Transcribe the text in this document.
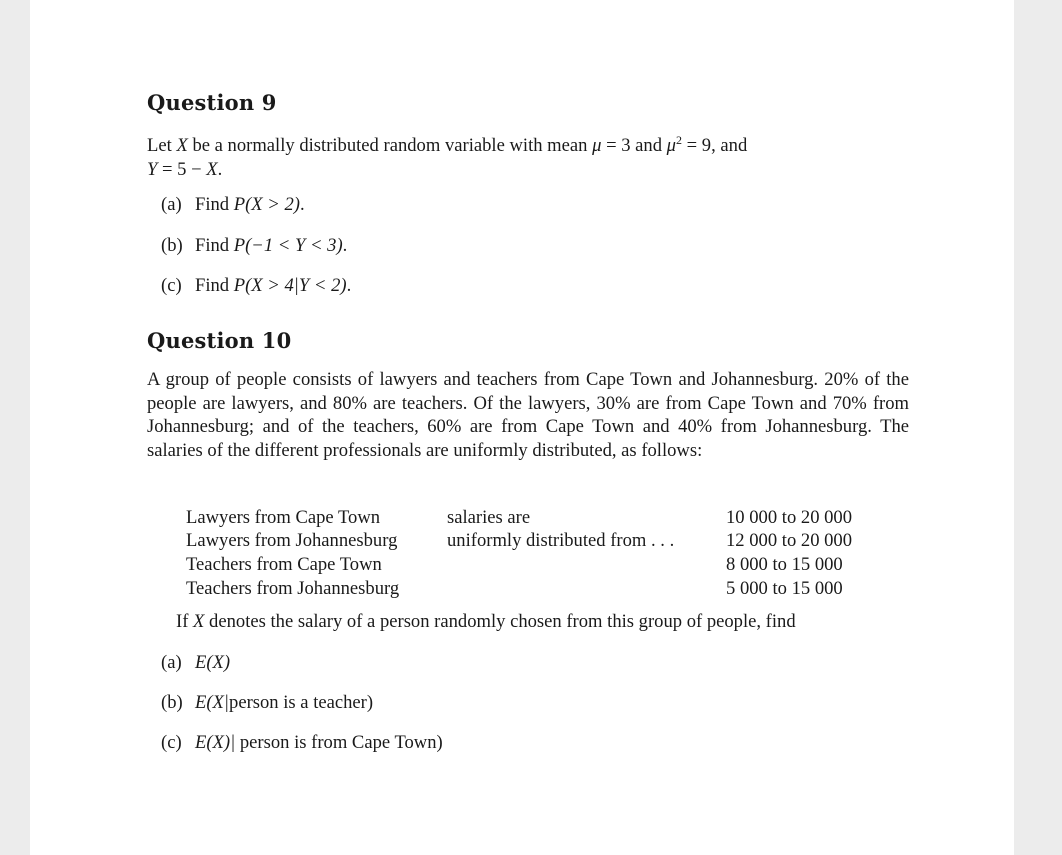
Question 9
Let X be a normally distributed random variable with mean μ = 3 and $\mu^2 = 9$, and
Y = 5 − X.
(a) Find P(X > 2).
(b) Find P(−1 < Y < 3).
(c) Find P(X > 4|Y < 2).
Question 10
A group of people consists of lawyers and teachers from Cape Town and Johannesburg. 20% of the people are lawyers, and 80% are teachers. Of the lawyers, 30% are from Cape Town and 70% from Johannesburg; and of the teachers, 60% are from Cape Town and 40% from Johannesburg. The salaries of the different professionals are uniformly distributed, as follows:
Lawyers from Cape Town
Lawyers from Johannesburg
Teachers from Cape Town
Teachers from Johannesburg
salaries are
uniformly distributed from . . .
10 000 to 20 000
12 000 to 20 000
8 000 to 15 000
5 000 to 15 000
If X denotes the salary of a person randomly chosen from this group of people, find
(a) E(X)
(b) E(X|person is a teacher)
(c) E(X)| person is from Cape Town)
